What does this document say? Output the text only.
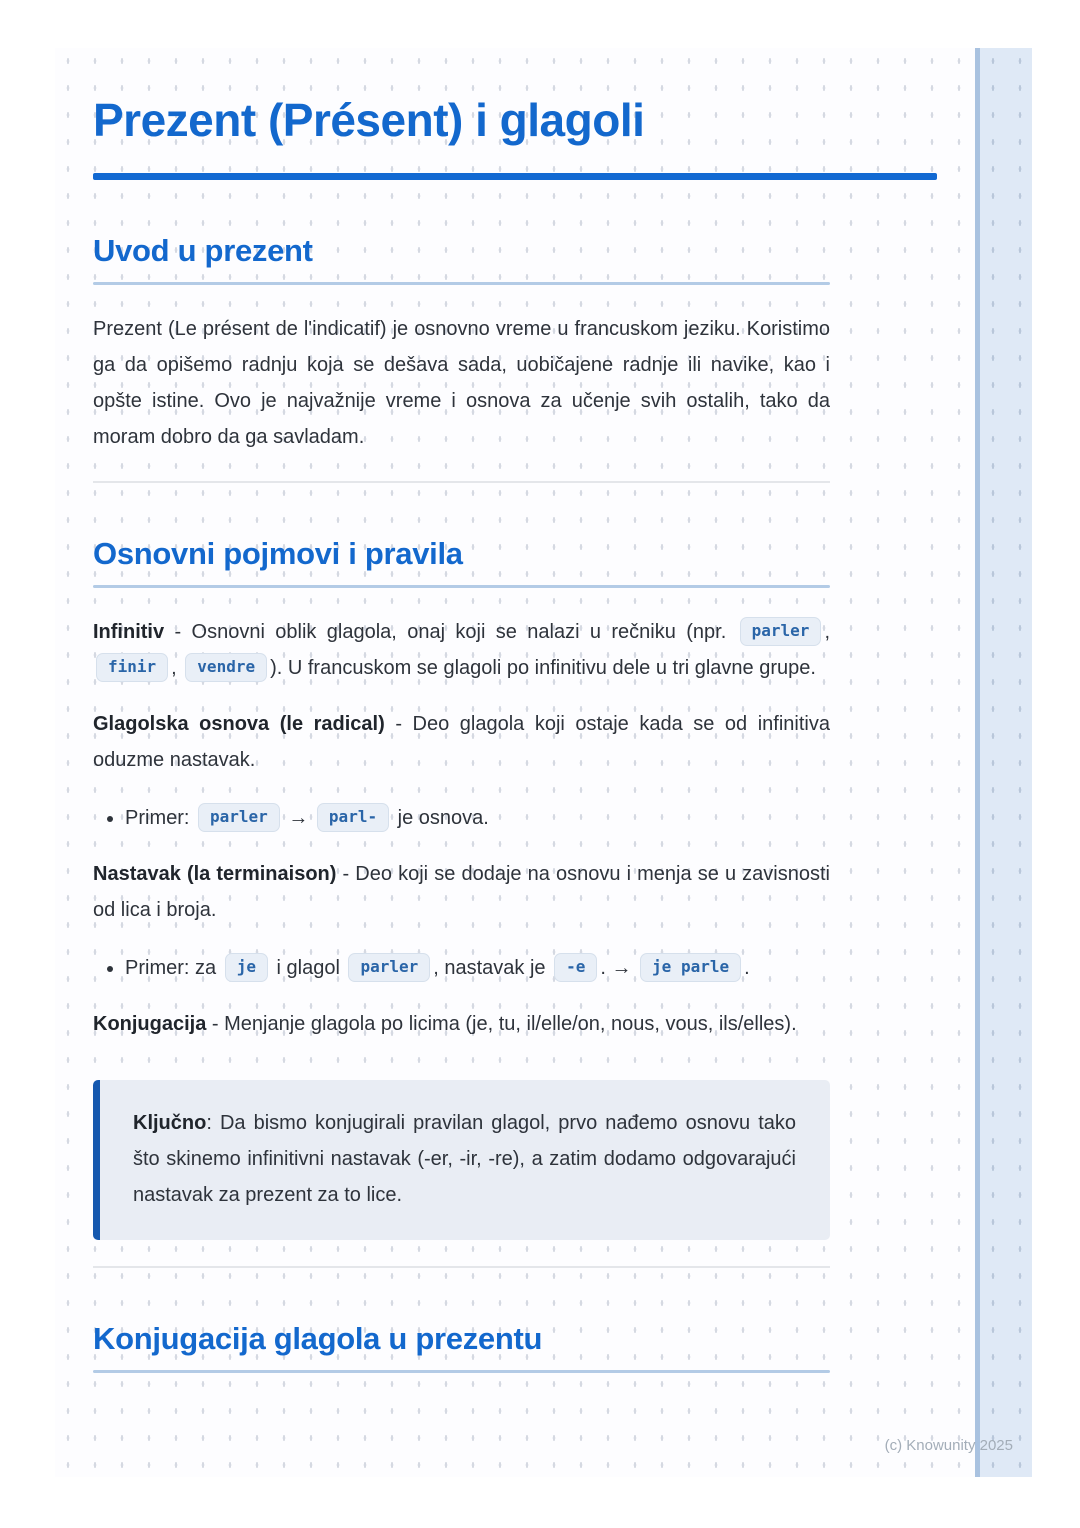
Prezent (Présent) i glagoli
Uvod u prezent

Prezent (Le présent de l'indicatif) je osnovno vreme u francuskom jeziku. Koristimo ga da opišemo radnju koja se dešava sada, uobičajene radnje ili navike, kao i opšte istine. Ovo je najvažnije vreme i osnova za učenje svih ostalih, tako da moram dobro da ga savladam.

Osnovni pojmovi i pravila

Infinitiv - Osnovni oblik glagola, onaj koji se nalazi u rečniku (npr. parler , finir , vendre ). U francuskom se glagoli po infinitivu dele u tri glavne grupe.

Glagolska osnova (le radical) - Deo glagola koji ostaje kada se od infinitiva oduzme nastavak.

• Primer: parler → parl- je osnova.

Nastavak (la terminaison) - Deo koji se dodaje na osnovu i menja se u zavisnosti od lica i broja.

• Primer: za je i glagol parler , nastavak je -e . → je parle .

Konjugacija - Menjanje glagola po licima (je, tu, il/elle/on, nous, vous, ils/elles).

Ključno: Da bismo konjugirali pravilan glagol, prvo nađemo osnovu tako što skinemo infinitivni nastavak (-er, -ir, -re), a zatim dodamo odgovarajući nastavak za prezent za to lice.

Konjugacija glagola u prezentu
(c) Knowunity 2025
